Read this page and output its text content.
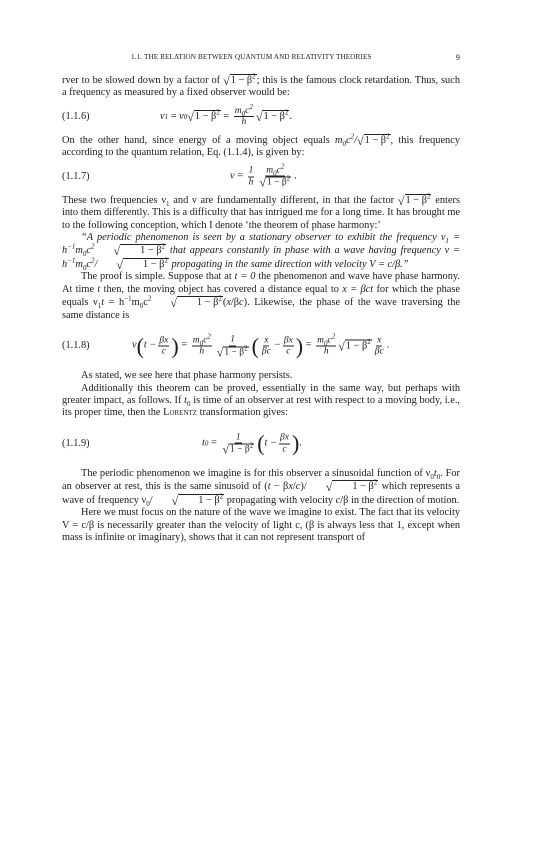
1.1. THE RELATION BETWEEN QUANTUM AND RELATIVITY THEORIES	9

rver to be slowed down by a factor of √ $1 - \beta^2$ ; this is the famous clock retardation. Thus, such a frequency as measured by a fixed observer would be:

(1.1.6)	ν 1
= ν 0 √ $1 - \beta^2$
=
$\frac{m_0c^2}{h}$ √ $1 - \beta^2$ .

On the other hand, since energy of a moving object equals $m_0c^2/$ √ $1 - \beta^2$ , this frequency according to the quantum relation, Eq. (1.1.4), is given by:

(1.1.7)	ν =
$\frac{1}{h} \frac{m_0c^2}{√ 1 - \beta^2}$ .

These two frequencies $\nu_1$ and ν are fundamentally different, in that the factor √ $1 - \beta^2$ enters into them differently. This is a difficulty that has intrigued me for a long time. It has brought me to the following conception, which I denote ‘the theorem of phase harmony:’

“A periodic phenomenon is seen by a stationary observer to exhibit the frequency $\nu_1 = h^{-1}m_0c^2$	√	$1 - \beta^2$ that appears constantly in phase with a wave having frequency $\nu = h^{-1}m_0c^2/$	√	$1 - \beta^2$ propagating in the same direction with velocity V = c/β.”

The proof is simple. Suppose that at t = 0 the phenomenon and wave have phase harmony. At time t then, the moving object has covered a distance equal to x = βct for which the phase equals $\nu_1t = h^{-1}m_0c^2$	√	$1 - \beta^2$ (x/βc). Likewise, the phase of the wave traversing the same distance is

(1.1.8)	ν ( $t - \frac{\beta x}{c}$ )
=
$\frac{m_0c^2}{h} \frac{1}{√ 1 - \beta^2}$ ( $\frac{x}{\beta c} - \frac{\beta x}{c}$ )
=
$\frac{m_0c^2}{h}$ √ $1 - \beta^2 \frac{x}{\beta c}$ .

As stated, we see here that phase harmony persists.

Additionally this theorem can be proved, essentially in the same way, but perhaps with greater impact, as follows. If $t_0$ is time of an observer at rest with respect to a moving body, i.e., its proper time, then the Lorentz transformation gives:

(1.1.9)	t 0
=
$\frac{1}{√ 1 - \beta^2}$ ( $t - \frac{\beta x}{c}$ ) .

The periodic phenomenon we imagine is for this observer a sinusoidal function of $\nu_0t_0$. For an observer at rest, this is the same sinusoid of (t − βx/c)/	√	$1 - \beta^2$ which represents a wave of frequency $\nu_0/$	√	$1 - \beta^2$ propagating with velocity c/β in the direction of motion.

Here we must focus on the nature of the wave we imagine to exist. The fact that its velocity V = c/β is necessarily greater than the velocity of light c, (β is always less that 1, except when mass is infinite or imaginary), shows that it can not represent transport of
